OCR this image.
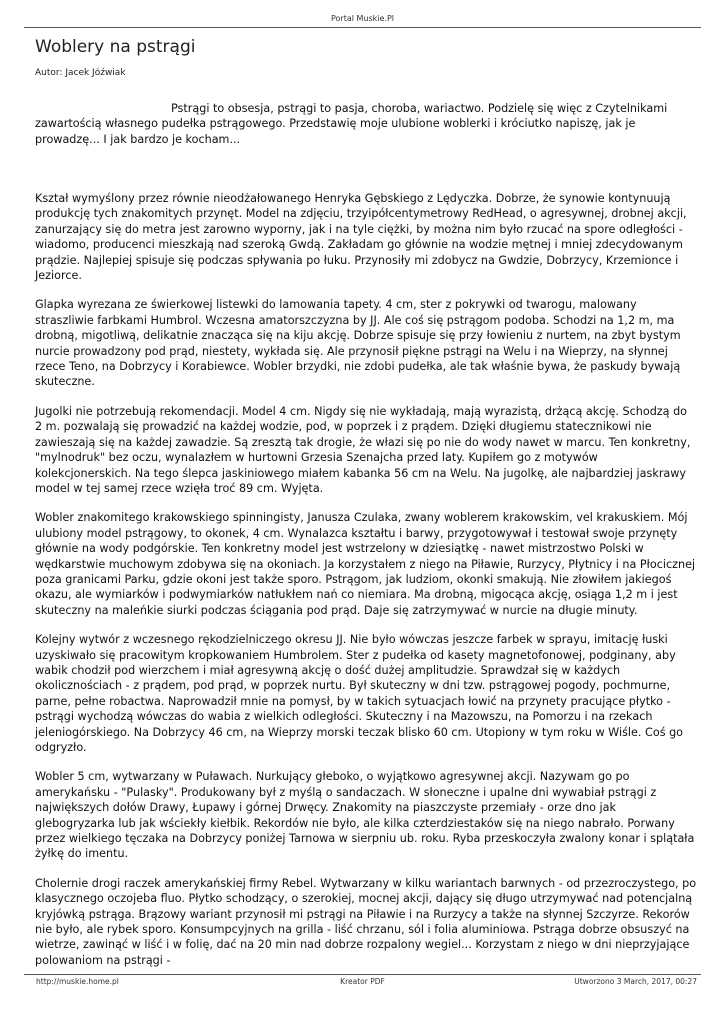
Portal Muskie.Pl
Woblery na pstrągi
Autor: Jacek Jóźwiak
Pstrągi to obsesja, pstrągi to pasja, choroba, wariactwo. Podzielę się więc z Czytelnikami zawartością własnego pudełka pstrągowego. Przedstawię moje ulubione woblerki i króciutko napiszę, jak je prowadzę... I jak bardzo je kocham...

Kształ wymyślony przez równie nieodżałowanego Henryka Gębskiego z Lędyczka. Dobrze, że synowie kontynuują produkcję tych znakomitych przynęt. Model na zdjęciu, trzyipółcentymetrowy RedHead, o agresywnej, drobnej akcji, zanurzający się do metra jest zarowno wyporny, jak i na tyle ciężki, by można nim było rzucać na spore odległości - wiadomo, producenci mieszkają nad szeroką Gwdą. Zakładam go głównie na wodzie mętnej i mniej zdecydowanym prądzie. Najlepiej spisuje się podczas spływania po łuku. Przynosiły mi zdobycz na Gwdzie, Dobrzycy, Krzemionce i Jeziorce.

Glapka wyrezana ze świerkowej listewki do lamowania tapety. 4 cm, ster z pokrywki od twarogu, malowany straszliwie farbkami Humbrol. Wczesna amatorszczyzna by JJ. Ale coś się pstrągom podoba. Schodzi na 1,2 m, ma drobną, migotliwą, delikatnie znacząca się na kiju akcję. Dobrze spisuje się przy łowieniu z nurtem, na zbyt bystym nurcie prowadzony pod prąd, niestety, wykłada się. Ale przynosił piękne pstrągi na Welu i na Wieprzy, na słynnej rzece Teno, na Dobrzycy i Korabiewce. Wobler brzydki, nie zdobi pudełka, ale tak właśnie bywa, że paskudy bywają skuteczne.

Jugolki nie potrzebują rekomendacji. Model 4 cm. Nigdy się nie wykładają, mają wyrazistą, drżącą akcję. Schodzą do 2 m. pozwalają się prowadzić na każdej wodzie, pod, w poprzek i z prądem. Dzięki długiemu statecznikowi nie zawieszają się na każdej zawadzie. Są zresztą tak drogie, że włazi się po nie do wody nawet w marcu. Ten konkretny, "mylnodruk" bez oczu, wynalazłem w hurtowni Grzesia Szenajcha przed laty. Kupiłem go z motywów kolekcjonerskich. Na tego ślepca jaskiniowego miałem kabanka 56 cm na Welu. Na jugolkę, ale najbardziej jaskrawy model w tej samej rzece wzięła troć 89 cm. Wyjęta.

Wobler znakomitego krakowskiego spinningisty, Janusza Czulaka, zwany woblerem krakowskim, vel krakuskiem. Mój ulubiony model pstrągowy, to okonek, 4 cm. Wynalazca kształtu i barwy, przygotowywał i testował swoje przynęty głównie na wody podgórskie. Ten konkretny model jest wstrzelony w dziesiątkę - nawet mistrzostwo Polski w wędkarstwie muchowym zdobywa się na okoniach. Ja korzystałem z niego na Piławie, Rurzycy, Płytnicy i na Płocicznej poza granicami Parku, gdzie okoni jest także sporo. Pstrągom, jak ludziom, okonki smakują. Nie złowiłem jakiegoś okazu, ale wymiarków i podwymiarków natłukłem nań co niemiara. Ma drobną, migocąca akcję, osiąga 1,2 m i jest skuteczny na maleńkie siurki podczas ściągania pod prąd. Daje się zatrzymywać w nurcie na długie minuty.

Kolejny wytwór z wczesnego rękodzielniczego okresu JJ. Nie było wówczas jeszcze farbek w sprayu, imitację łuski uzyskiwało się pracowitym kropkowaniem Humbrolem. Ster z pudełka od kasety magnetofonowej, podginany, aby wabik chodził pod wierzchem i miał agresywną akcję o dość dużej amplitudzie. Sprawdzał się w każdych okolicznościach - z prądem, pod prąd, w poprzek nurtu. Był skuteczny w dni tzw. pstrągowej pogody, pochmurne, parne, pełne robactwa. Naprowadził mnie na pomysł, by w takich sytuacjach łowić na przynety pracujące płytko - pstrągi wychodzą wówczas do wabia z wielkich odległości. Skuteczny i na Mazowszu, na Pomorzu i na rzekach jeleniogórskiego. Na Dobrzycy 46 cm, na Wieprzy morski teczak blisko 60 cm. Utopiony w tym roku w Wiśle. Coś go odgryzło.

Wobler 5 cm, wytwarzany w Puławach. Nurkujący głeboko, o wyjątkowo agresywnej akcji. Nazywam go po amerykańsku - "Pulasky". Produkowany był z myślą o sandaczach. W słoneczne i upalne dni wywabiał pstrągi z największych dołów Drawy, Łupawy i górnej Drwęcy. Znakomity na piaszczyste przemiały - orze dno jak glebogryzarka lub jak wściekły kiełbik. Rekordów nie było, ale kilka czterdziestaków się na niego nabrało. Porwany przez wielkiego tęczaka na Dobrzycy poniżej Tarnowa w sierpniu ub. roku. Ryba przeskoczyła zwalony konar i splątała żyłkę do imentu.

Cholernie drogi raczek amerykańskiej firmy Rebel. Wytwarzany w kilku wariantach barwnych - od przezroczystego, po klasycznego oczojeba fluo. Płytko schodzący, o szerokiej, mocnej akcji, dający się długo utrzymywać nad potencjalną kryjówką pstrąga. Brązowy wariant przynosił mi pstrągi na Piławie i na Rurzycy a także na słynnej Szczyrze. Rekorów nie było, ale rybek sporo. Konsumpcyjnych na grilla - liść chrzanu, sól i folia aluminiowa. Pstrąga dobrze obsuszyć na wietrze, zawinąć w liść i w folię, dać na 20 min nad dobrze rozpalony wegiel... Korzystam z niego w dni nieprzyjające polowaniom na pstrągi -

http://muskie.home.pl	Kreator PDF	Utworzono 3 March, 2017, 00:27
